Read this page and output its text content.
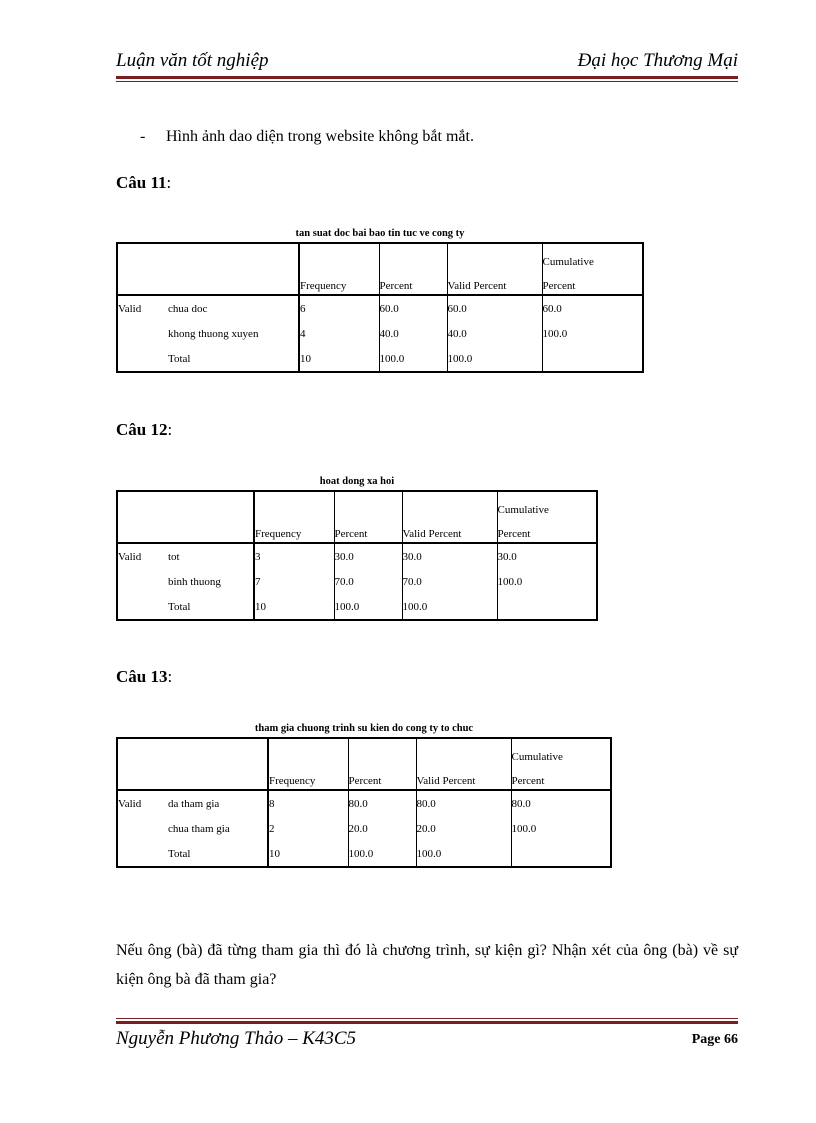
Luận văn tốt nghiệp	Đại học Thương Mại
- Hình ảnh dao diện trong website không bắt mắt.
Câu 11:
tan suat doc bai bao tin tuc ve cong ty
		Frequency	Percent	Valid Percent	Cumulative

Percent
Valid	chua doc	6	60.0	60.0	60.0
	khong thuong xuyen	4	40.0	40.0	100.0
	Total	10	100.0	100.0	
Câu 12:
hoat dong xa hoi
		Frequency	Percent	Valid Percent	Cumulative

Percent
Valid	tot	3	30.0	30.0	30.0
	binh thuong	7	70.0	70.0	100.0
	Total	10	100.0	100.0	
Câu 13:
tham gia chuong trinh su kien do cong ty to chuc
		Frequency	Percent	Valid Percent	Cumulative

Percent
Valid	da tham gia	8	80.0	80.0	80.0
	chua tham gia	2	20.0	20.0	100.0
	Total	10	100.0	100.0	
Nếu ông (bà) đã từng tham gia thì đó là chương trình, sự kiện gì? Nhận xét của ông (bà) về sự kiện ông bà đã tham gia?
Nguyễn Phương Thảo – K43C5	Page 66
